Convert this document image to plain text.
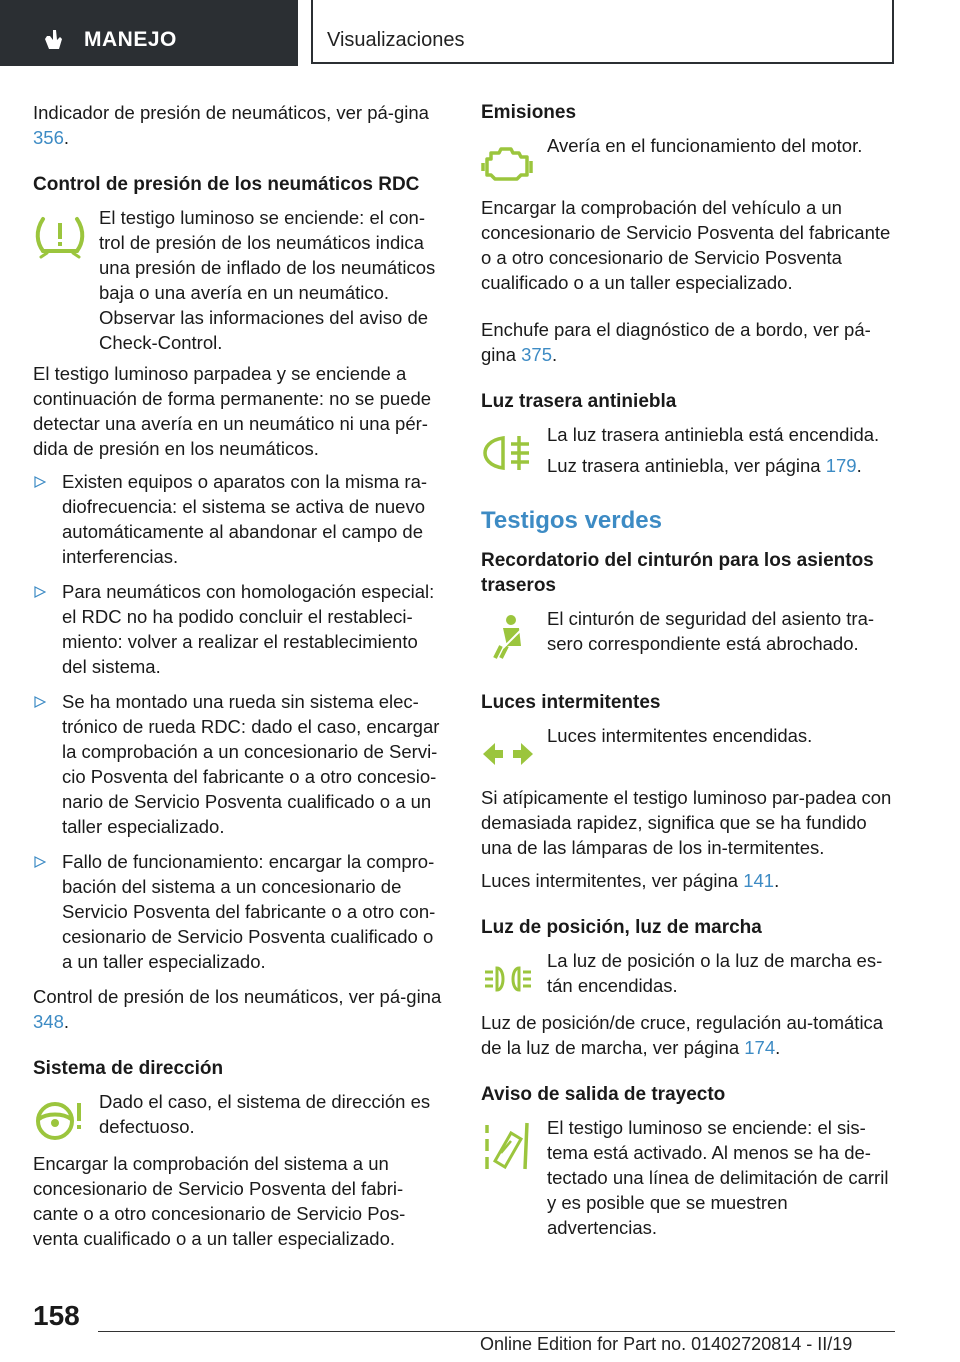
MANEJO	Visualizaciones

Indicador de presión de neumáticos, ver pá-gina 356.

Control de presión de los neumáticos RDC

El testigo luminoso se enciende: el con-trol de presión de los neumáticos indica una presión de inflado de los neumáticos baja o una avería en un neumático. Observar las informaciones del aviso de Check-Control.

El testigo luminoso parpadea y se enciende a continuación de forma permanente: no se puede detectar una avería en un neumático ni una pér-dida de presión en los neumáticos.

Existen equipos o aparatos con la misma ra-diofrecuencia: el sistema se activa de nuevo automáticamente al abandonar el campo de interferencias.
Para neumáticos con homologación especial: el RDC no ha podido concluir el restableci-miento: volver a realizar el restablecimiento del sistema.
Se ha montado una rueda sin sistema elec-trónico de rueda RDC: dado el caso, encargar la comprobación a un concesionario de Servi-cio Posventa del fabricante o a otro concesio-nario de Servicio Posventa cualificado o a un taller especializado.
Fallo de funcionamiento: encargar la compro-bación del sistema a un concesionario de Servicio Posventa del fabricante o a otro con-cesionario de Servicio Posventa cualificado o a un taller especializado.

Control de presión de los neumáticos, ver pá-gina 348.

Sistema de dirección

Dado el caso, el sistema de dirección es defectuoso.

Encargar la comprobación del sistema a un concesionario de Servicio Posventa del fabri-cante o a otro concesionario de Servicio Pos-venta cualificado o a un taller especializado.

Emisiones

Avería en el funcionamiento del motor.

Encargar la comprobación del vehículo a un concesionario de Servicio Posventa del fabricante o a otro concesionario de Servicio Posventa cualificado o a un taller especializado.

Enchufe para el diagnóstico de a bordo, ver pá-gina 375.

Luz trasera antiniebla

La luz trasera antiniebla está encendida.

Luz trasera antiniebla, ver página 179.

Testigos verdes
Recordatorio del cinturón para los asientos traseros

El cinturón de seguridad del asiento tra-sero correspondiente está abrochado.

Luces intermitentes

Luces intermitentes encendidas.

Si atípicamente el testigo luminoso par-padea con demasiada rapidez, significa que se ha fundido una de las lámparas de los in-termitentes.

Luces intermitentes, ver página 141.

Luz de posición, luz de marcha

La luz de posición o la luz de marcha es-tán encendidas.

Luz de posición/de cruce, regulación au-tomática de la luz de marcha, ver página 174.

Aviso de salida de trayecto

El testigo luminoso se enciende: el sis-tema está activado. Al menos se ha de-tectado una línea de delimitación de carril y es posible que se muestren advertencias.

158
Online Edition for Part no. 01402720814 - II/19
